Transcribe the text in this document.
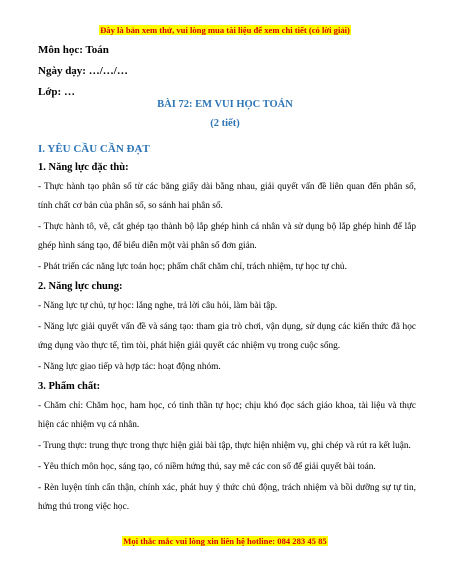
Đây là bản xem thử, vui lòng mua tài liệu để xem chi tiết (có lời giải)
Môn học: Toán
Ngày dạy: …/…/…
Lớp: …
BÀI 72: EM VUI HỌC TOÁN
(2 tiết)
I. YÊU CẦU CẦN ĐẠT
1. Năng lực đặc thù:
- Thực hành tạo phân số từ các băng giấy dài bằng nhau, giải quyết vấn đề liên quan đến phân số, tính chất cơ bản của phân số, so sánh hai phân số.
- Thực hành tô, vẽ, cắt ghép tạo thành bộ lắp ghép hình cá nhân và sử dụng bộ lắp ghép hình để lắp ghép hình sáng tạo, để biểu diễn một vài phân số đơn giản.
- Phát triển các năng lực toán học; phẩm chất chăm chỉ, trách nhiệm, tự học tự chủ.
2. Năng lực chung:
- Năng lực tự chủ, tự học: lắng nghe, trả lời câu hỏi, làm bài tập.
- Năng lực giải quyết vấn đề và sáng tạo: tham gia trò chơi, vận dụng, sử dụng các kiến thức đã học ứng dụng vào thực tế, tìm tòi, phát hiện giải quyết các nhiệm vụ trong cuộc sống.
- Năng lực giao tiếp và hợp tác: hoạt động nhóm.
3. Phẩm chất:
- Chăm chỉ: Chăm học, ham học, có tinh thần tự học; chịu khó đọc sách giáo khoa, tài liệu và thực hiện các nhiệm vụ cá nhân.
- Trung thực: trung thực trong thực hiện giải bài tập, thực hiện nhiệm vụ, ghi chép và rút ra kết luận.
- Yêu thích môn học, sáng tạo, có niềm hứng thú, say mê các con số để giải quyết bài toán.
- Rèn luyện tính cẩn thận, chính xác, phát huy ý thức chủ động, trách nhiệm và bồi dưỡng sự tự tin, hứng thú trong việc học.
Mọi thắc mắc vui lòng xin liên hệ hotline: 084 283 45 85
